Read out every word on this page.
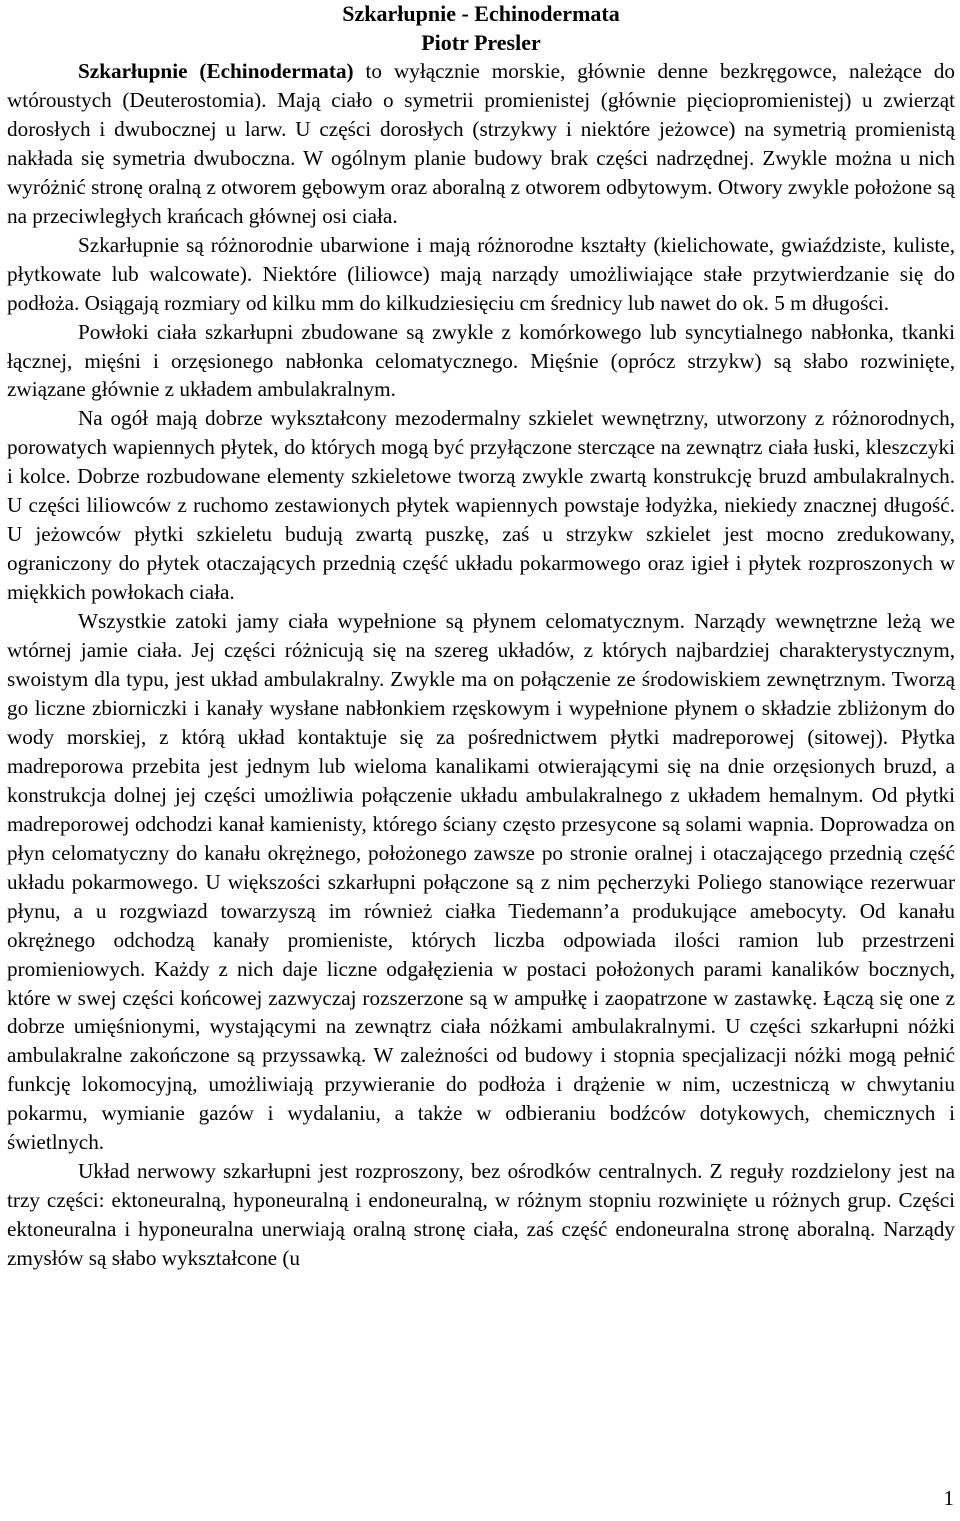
Szkarłupnie - Echinodermata
Piotr Presler

Szkarłupnie (Echinodermata) to wyłącznie morskie, głównie denne bezkręgowce, należące do wtóroustych (Deuterostomia). Mają ciało o symetrii promienistej (głównie pięciopromienistej) u zwierząt dorosłych i dwubocznej u larw. U części dorosłych (strzykwy i niektóre jeżowce) na symetrią promienistą nakłada się symetria dwuboczna. W ogólnym planie budowy brak części nadrzędnej. Zwykle można u nich wyróżnić stronę oralną z otworem gębowym oraz aboralną z otworem odbytowym. Otwory zwykle położone są na przeciwległych krańcach głównej osi ciała.

Szkarłupnie są różnorodnie ubarwione i mają różnorodne kształty (kielichowate, gwiaździste, kuliste, płytkowate lub walcowate). Niektóre (liliowce) mają narządy umożliwiające stałe przytwierdzanie się do podłoża. Osiągają rozmiary od kilku mm do kilkudziesięciu cm średnicy lub nawet do ok. 5 m długości.

Powłoki ciała szkarłupni zbudowane są zwykle z komórkowego lub syncytialnego nabłonka, tkanki łącznej, mięśni i orzęsionego nabłonka celomatycznego. Mięśnie (oprócz strzykw) są słabo rozwinięte, związane głównie z układem ambulakralnym.

Na ogół mają dobrze wykształcony mezodermalny szkielet wewnętrzny, utworzony z różnorodnych, porowatych wapiennych płytek, do których mogą być przyłączone sterczące na zewnątrz ciała łuski, kleszczyki i kolce. Dobrze rozbudowane elementy szkieletowe tworzą zwykle zwartą konstrukcję bruzd ambulakralnych. U części liliowców z ruchomo zestawionych płytek wapiennych powstaje łodyżka, niekiedy znacznej długość. U jeżowców płytki szkieletu budują zwartą puszkę, zaś u strzykw szkielet jest mocno zredukowany, ograniczony do płytek otaczających przednią część układu pokarmowego oraz igieł i płytek rozproszonych w miękkich powłokach ciała.

Wszystkie zatoki jamy ciała wypełnione są płynem celomatycznym. Narządy wewnętrzne leżą we wtórnej jamie ciała. Jej części różnicują się na szereg układów, z których najbardziej charakterystycznym, swoistym dla typu, jest układ ambulakralny. Zwykle ma on połączenie ze środowiskiem zewnętrznym. Tworzą go liczne zbiorniczki i kanały wysłane nabłonkiem rzęskowym i wypełnione płynem o składzie zbliżonym do wody morskiej, z którą układ kontaktuje się za pośrednictwem płytki madreporowej (sitowej). Płytka madreporowa przebita jest jednym lub wieloma kanalikami otwierającymi się na dnie orzęsionych bruzd, a konstrukcja dolnej jej części umożliwia połączenie układu ambulakralnego z układem hemalnym. Od płytki madreporowej odchodzi kanał kamienisty, którego ściany często przesycone są solami wapnia. Doprowadza on płyn celomatyczny do kanału okrężnego, położonego zawsze po stronie oralnej i otaczającego przednią część układu pokarmowego. U większości szkarłupni połączone są z nim pęcherzyki Poliego stanowiące rezerwuar płynu, a u rozgwiazd towarzyszą im również ciałka Tiedemann’a produkujące amebocyty. Od kanału okrężnego odchodzą kanały promieniste, których liczba odpowiada ilości ramion lub przestrzeni promieniowych. Każdy z nich daje liczne odgałęzienia w postaci położonych parami kanalików bocznych, które w swej części końcowej zazwyczaj rozszerzone są w ampułkę i zaopatrzone w zastawkę. Łączą się one z dobrze umięśnionymi, wystającymi na zewnątrz ciała nóżkami ambulakralnymi. U części szkarłupni nóżki ambulakralne zakończone są przyssawką. W zależności od budowy i stopnia specjalizacji nóżki mogą pełnić funkcję lokomocyjną, umożliwiają przywieranie do podłoża i drążenie w nim, uczestniczą w chwytaniu pokarmu, wymianie gazów i wydalaniu, a także w odbieraniu bodźców dotykowych, chemicznych i świetlnych.

Układ nerwowy szkarłupni jest rozproszony, bez ośrodków centralnych. Z reguły rozdzielony jest na trzy części: ektoneuralną, hyponeuralną i endoneuralną, w różnym stopniu rozwinięte u różnych grup. Części ektoneuralna i hyponeuralna unerwiają oralną stronę ciała, zaś część endoneuralna stronę aboralną. Narządy zmysłów są słabo wykształcone (u

1
